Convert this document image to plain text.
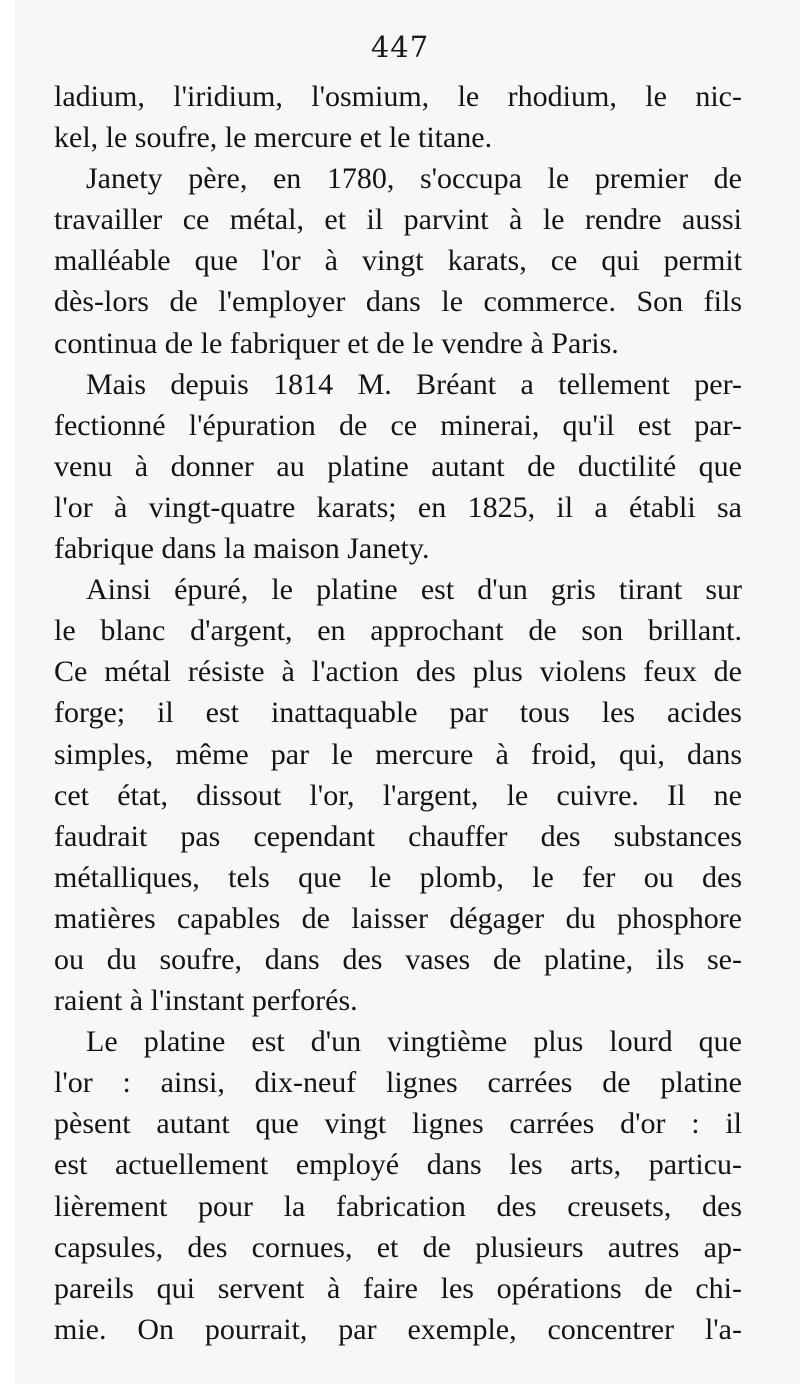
447
ladium, l'iridium, l'osmium, le rhodium, le nic-
kel, le soufre, le mercure et le titane.
Janety père, en 1780, s'occupa le premier de
travailler ce métal, et il parvint à le rendre aussi
malléable que l'or à vingt karats, ce qui permit
dès-lors de l'employer dans le commerce. Son fils
continua de le fabriquer et de le vendre à Paris.
Mais depuis 1814 M. Bréant a tellement per-
fectionné l'épuration de ce minerai, qu'il est par-
venu à donner au platine autant de ductilité que
l'or à vingt-quatre karats; en 1825, il a établi sa
fabrique dans la maison Janety.
Ainsi épuré, le platine est d'un gris tirant sur
le blanc d'argent, en approchant de son brillant.
Ce métal résiste à l'action des plus violens feux de
forge; il est inattaquable par tous les acides
simples, même par le mercure à froid, qui, dans
cet état, dissout l'or, l'argent, le cuivre. Il ne
faudrait pas cependant chauffer des substances
métalliques, tels que le plomb, le fer ou des
matières capables de laisser dégager du phosphore
ou du soufre, dans des vases de platine, ils se-
raient à l'instant perforés.
Le platine est d'un vingtième plus lourd que
l'or : ainsi, dix-neuf lignes carrées de platine
pèsent autant que vingt lignes carrées d'or : il
est actuellement employé dans les arts, particu-
lièrement pour la fabrication des creusets, des
capsules, des cornues, et de plusieurs autres ap-
pareils qui servent à faire les opérations de chi-
mie. On pourrait, par exemple, concentrer l'a-
